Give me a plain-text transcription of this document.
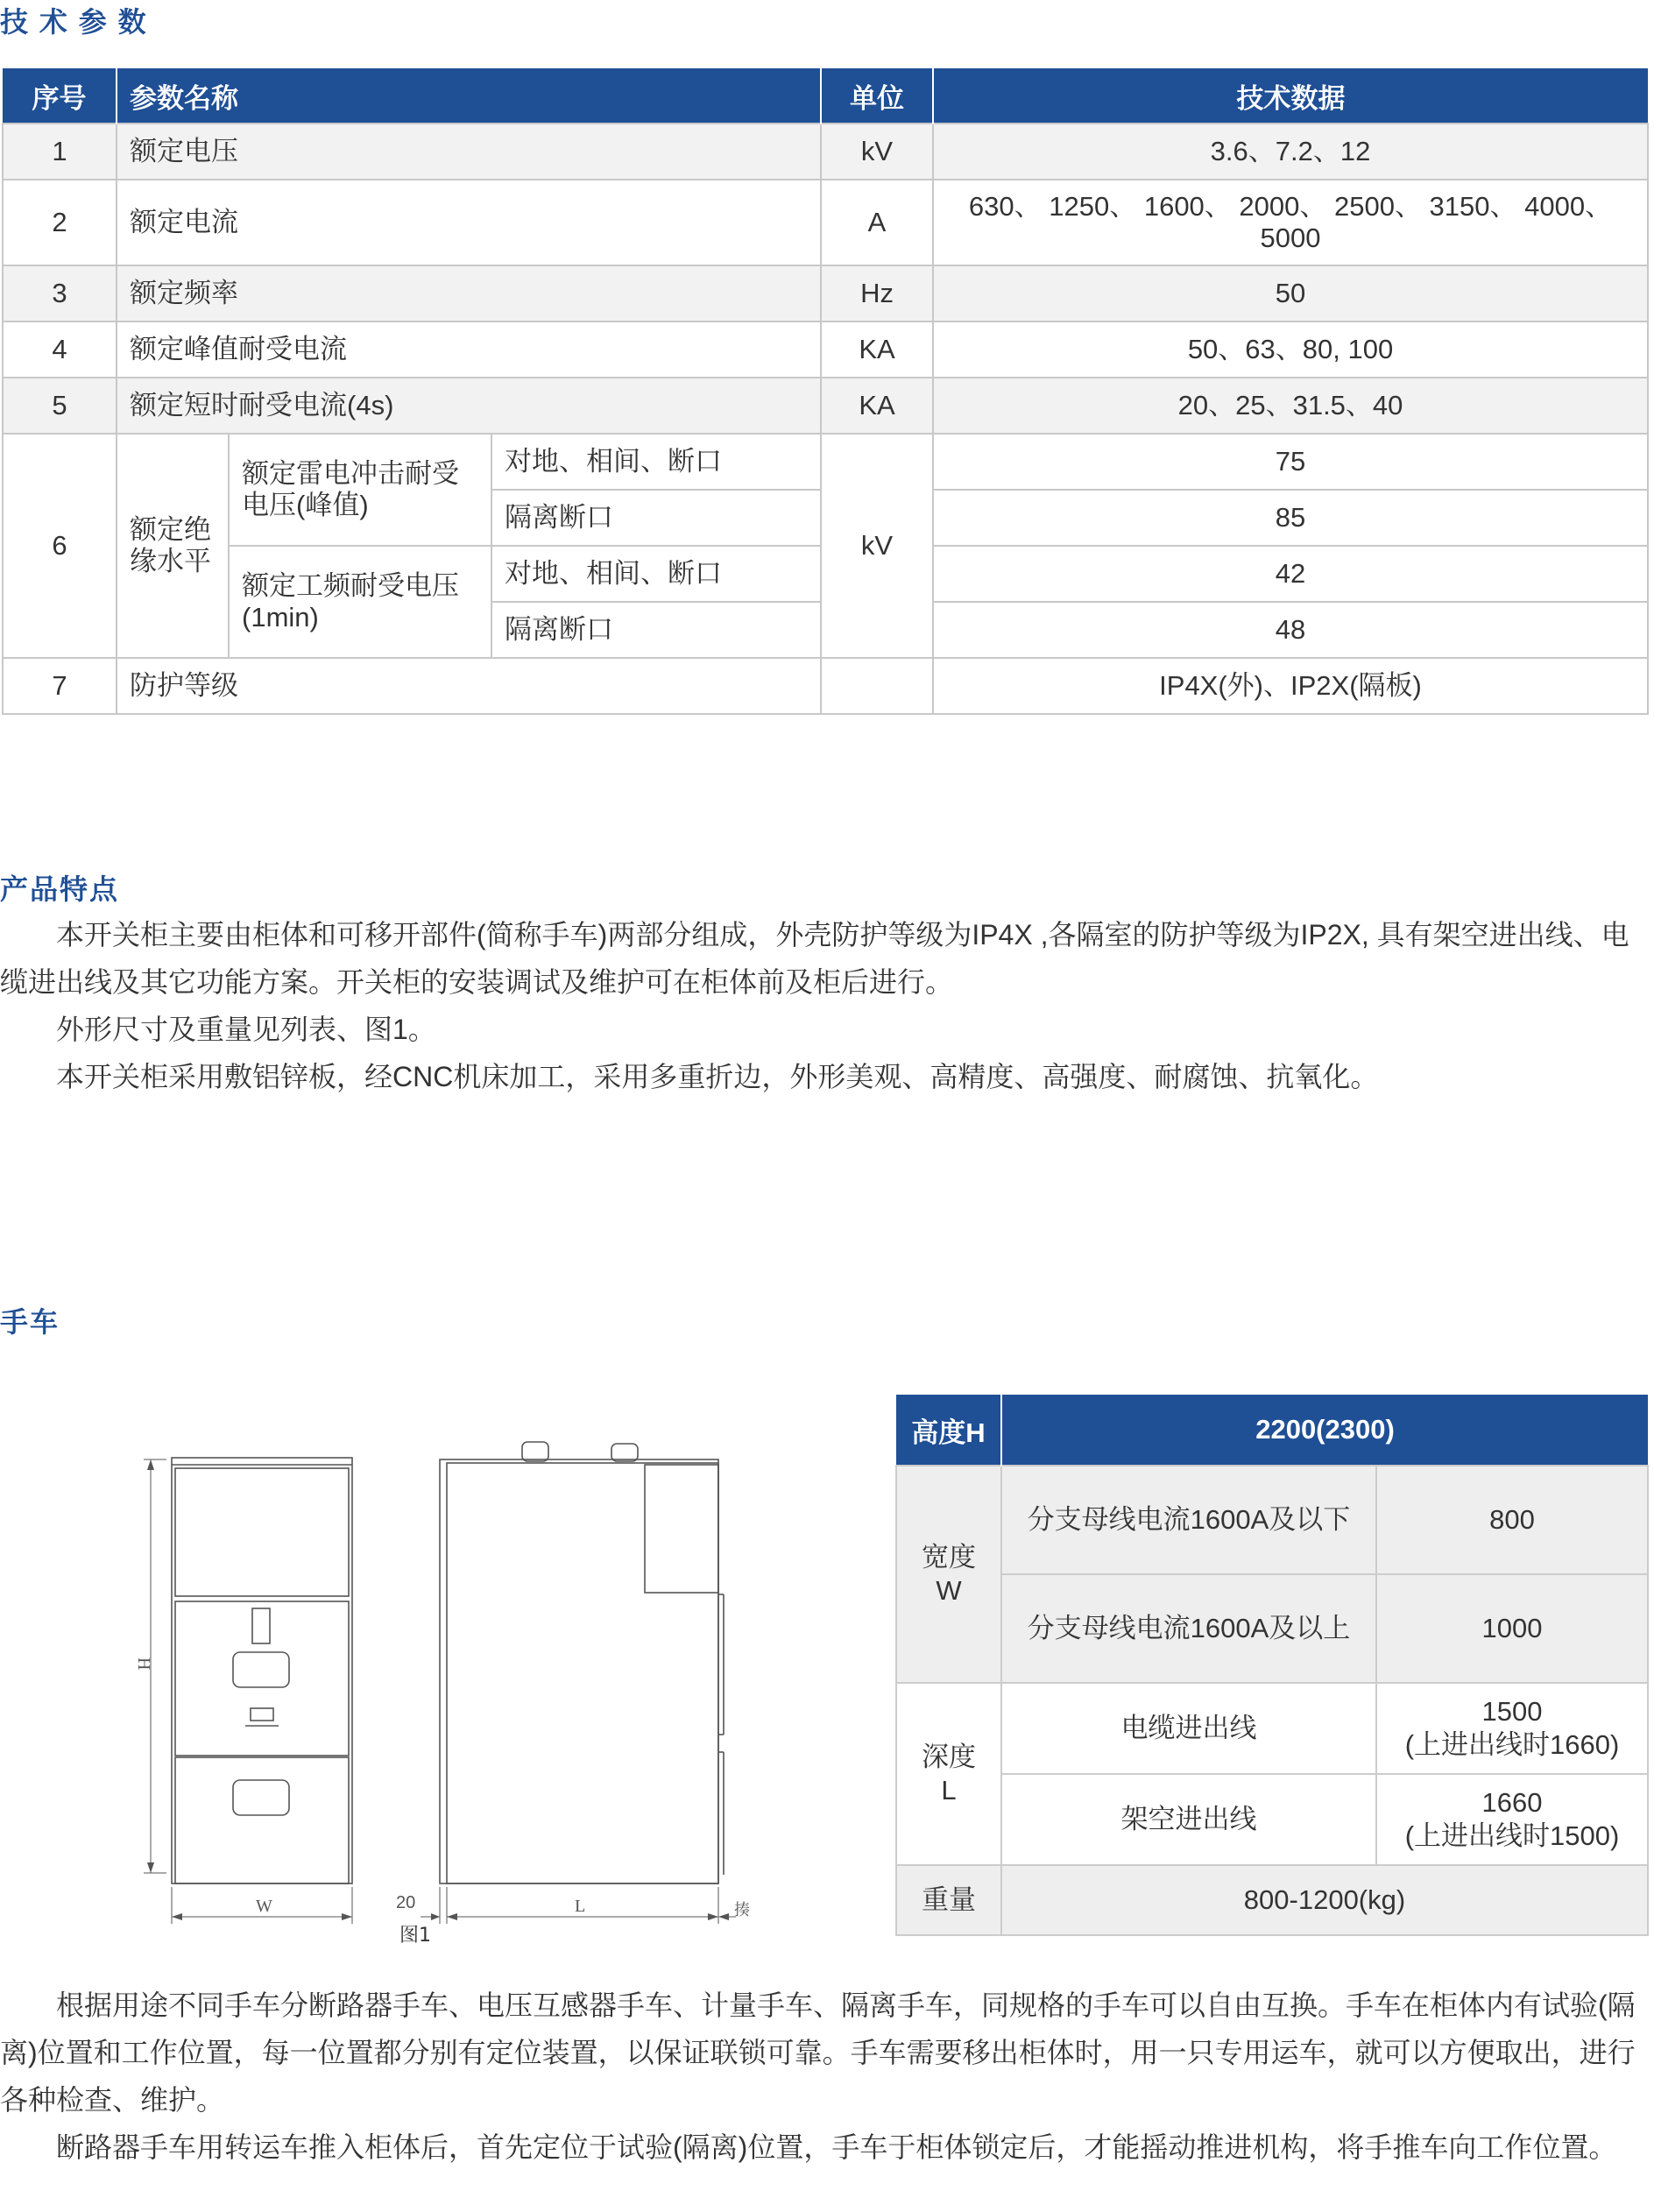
技 术 参 数
序号	参数名称			单位	技术数据
1	额定电压			kV	3.6、7.2、12
2	额定电流			A	630、 1250、 1600、 2000、 2500、 3150、 4000、 5000
3	额定频率			Hz	50
4	额定峰值耐受电流			KA	50、63、80, 100
5	额定短时耐受电流(4s)			KA	20、25、31.5、40
6	额定绝缘水平	额定雷电冲击耐受电压(峰值)	对地、相间、断口	kV	75
			隔离断口		85
		额定工频耐受电压(1min)	对地、相间、断口		42
			隔离断口		48
7	防护等级				IP4X(外)、IP2X(隔板)
产品特点

本开关柜主要由柜体和可移开部件(简称手车)两部分组成，外壳防护等级为IP4X ,各隔室的防护等级为IP2X, 具有架空进出线、电缆进出线及其它功能方案。开关柜的安装调试及维护可在柜体前及柜后进行。

外形尺寸及重量见列表、图1。

本开关柜采用敷铝锌板，经CNC机床加工，采用多重折边，外形美观、高精度、高强度、耐腐蚀、抗氧化。

手车
H
W	L
20	揍
图1
高度H	2200(2300)	
宽度W	分支母线电流1600A及以下	800
	分支母线电流1600A及以上	1000
深度L	电缆进出线	1500
(上进出线时1660)

	架空进出线	1660
(上进出线时1500)

重量	800-1200(kg)	

根据用途不同手车分断路器手车、电压互感器手车、计量手车、隔离手车，同规格的手车可以自由互换。手车在柜体内有试验(隔离)位置和工作位置，每一位置都分别有定位装置，以保证联锁可靠。手车需要移出柜体时，用一只专用运车，就可以方便取出，进行各种检查、维护。

断路器手车用转运车推入柜体后，首先定位于试验(隔离)位置，手车于柜体锁定后，才能摇动推进机构，将手推车向工作位置。
